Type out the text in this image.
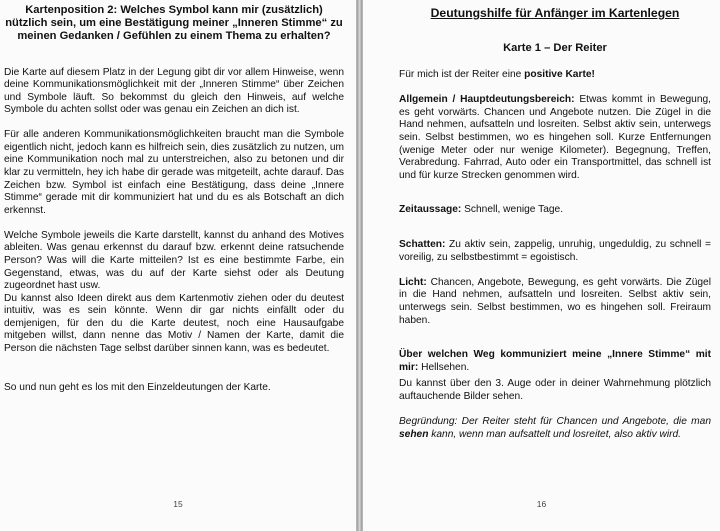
Kartenposition 2: Welches Symbol kann mir (zusätzlich) nützlich sein, um eine Bestätigung meiner „Inneren Stimme“ zu meinen Gedanken / Gefühlen zu einem Thema zu erhalten?

Die Karte auf diesem Platz in der Legung gibt dir vor allem Hinweise, wenn deine Kommunikationsmöglichkeit mit der „Inneren Stimme“ über Zeichen und Symbole läuft. So bekommst du gleich den Hinweis, auf welche Symbole du achten sollst oder was genau ein Zeichen an dich ist.

Für alle anderen Kommunikationsmöglichkeiten braucht man die Symbole eigentlich nicht, jedoch kann es hilfreich sein, dies zusätzlich zu nutzen, um eine Kommunikation noch mal zu unterstreichen, also zu betonen und dir klar zu vermitteln, hey ich habe dir gerade was mitgeteilt, achte darauf. Das Zeichen bzw. Symbol ist einfach eine Bestätigung, dass deine „Innere Stimme“ gerade mit dir kommuniziert hat und du es als Botschaft an dich erkennst.

Welche Symbole jeweils die Karte darstellt, kannst du anhand des Motives ableiten. Was genau erkennst du darauf bzw. erkennt deine ratsuchende Person? Was will die Karte mitteilen? Ist es eine bestimmte Farbe, ein Gegenstand, etwas, was du auf der Karte siehst oder als Deutung zugeordnet hast usw.

Du kannst also Ideen direkt aus dem Kartenmotiv ziehen oder du deutest intuitiv, was es sein könnte. Wenn dir gar nichts einfällt oder du demjenigen, für den du die Karte deutest, noch eine Hausaufgabe mitgeben willst, dann nenne das Motiv / Namen der Karte, damit die Person die nächsten Tage selbst darüber sinnen kann, was es bedeutet.

So und nun geht es los mit den Einzeldeutungen der Karte.

15
Deutungshilfe für Anfänger im Kartenlegen
Karte 1 – Der Reiter

Für mich ist der Reiter eine positive Karte!

Allgemein / Hauptdeutungsbereich: Etwas kommt in Bewegung, es geht vorwärts. Chancen und Angebote nutzen. Die Zügel in die Hand nehmen, aufsatteln und losreiten. Selbst aktiv sein, unterwegs sein. Selbst bestimmen, wo es hingehen soll. Kurze Entfernungen (wenige Meter oder nur wenige Kilometer). Begegnung, Treffen, Verabredung. Fahrrad, Auto oder ein Transportmittel, das schnell ist und für kurze Strecken genommen wird.

Zeitaussage: Schnell, wenige Tage.

Schatten: Zu aktiv sein, zappelig, unruhig, ungeduldig, zu schnell = voreilig, zu selbstbestimmt = egoistisch.

Licht: Chancen, Angebote, Bewegung, es geht vorwärts. Die Zügel in die Hand nehmen, aufsatteln und losreiten. Selbst aktiv sein, unterwegs sein. Selbst bestimmen, wo es hingehen soll. Freiraum haben.

Über welchen Weg kommuniziert meine „Innere Stimme“ mit mir: Hellsehen.

Du kannst über den 3. Auge oder in deiner Wahrnehmung plötzlich auftauchende Bilder sehen.

Begründung: Der Reiter steht für Chancen und Angebote, die man sehen kann, wenn man aufsattelt und losreitet, also aktiv wird.

16
